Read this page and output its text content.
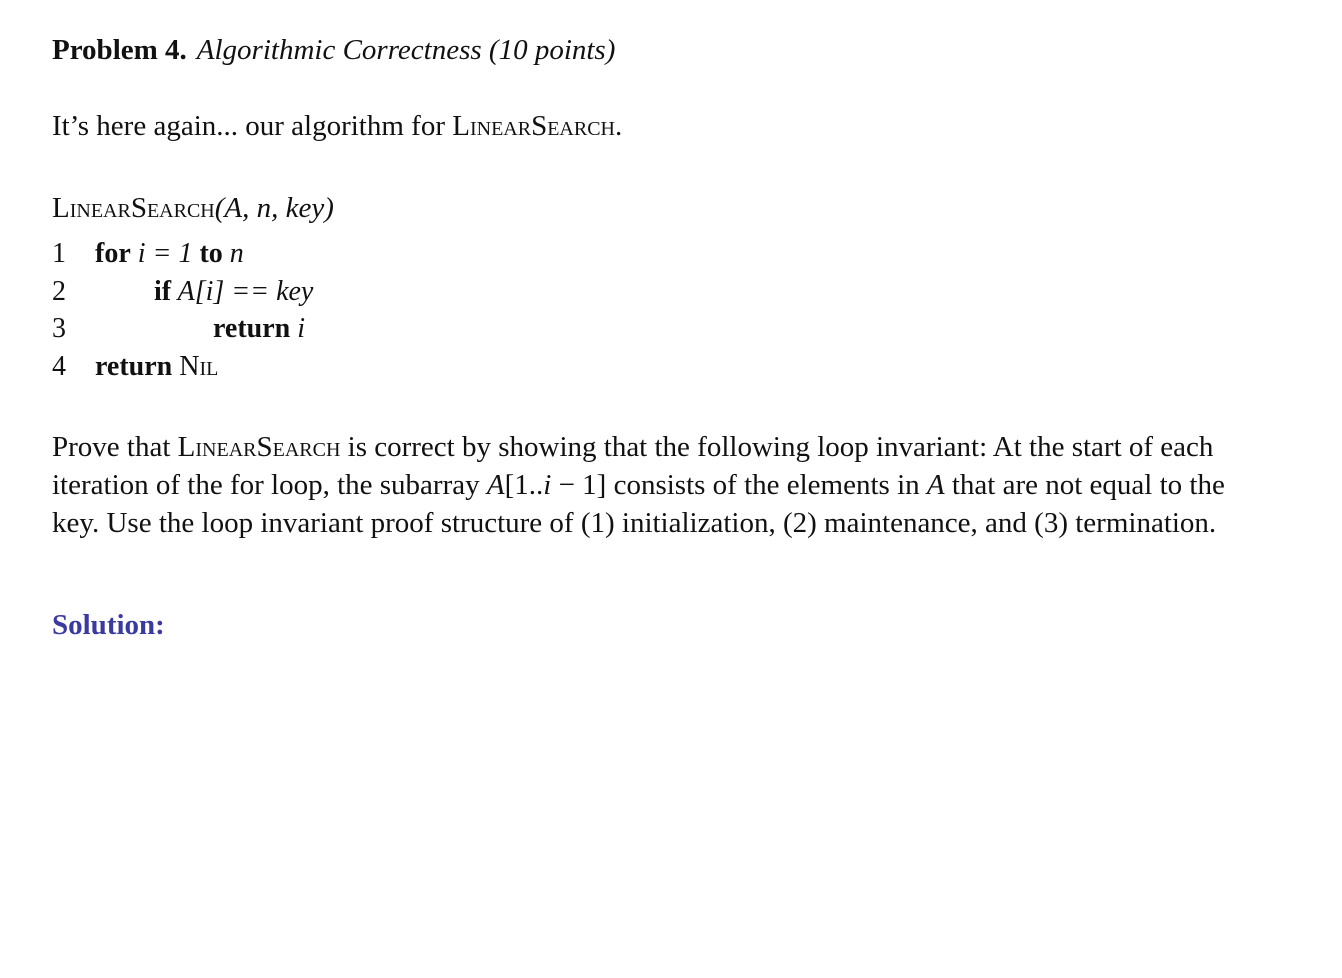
Problem 4. Algorithmic Correctness (10 points)
It’s here again... our algorithm for LinearSearch.
LinearSearch(A, n, key)
1 for i = 1 to n
2	if A[i] == key
3	return i
4 return Nil
Prove that LinearSearch is correct by showing that the following loop invariant: At the start of each iteration of the for loop, the subarray A[1..i − 1] consists of the elements in A that are not equal to the key. Use the loop invariant proof structure of (1) initialization, (2) maintenance, and (3) termination.
Solution:
